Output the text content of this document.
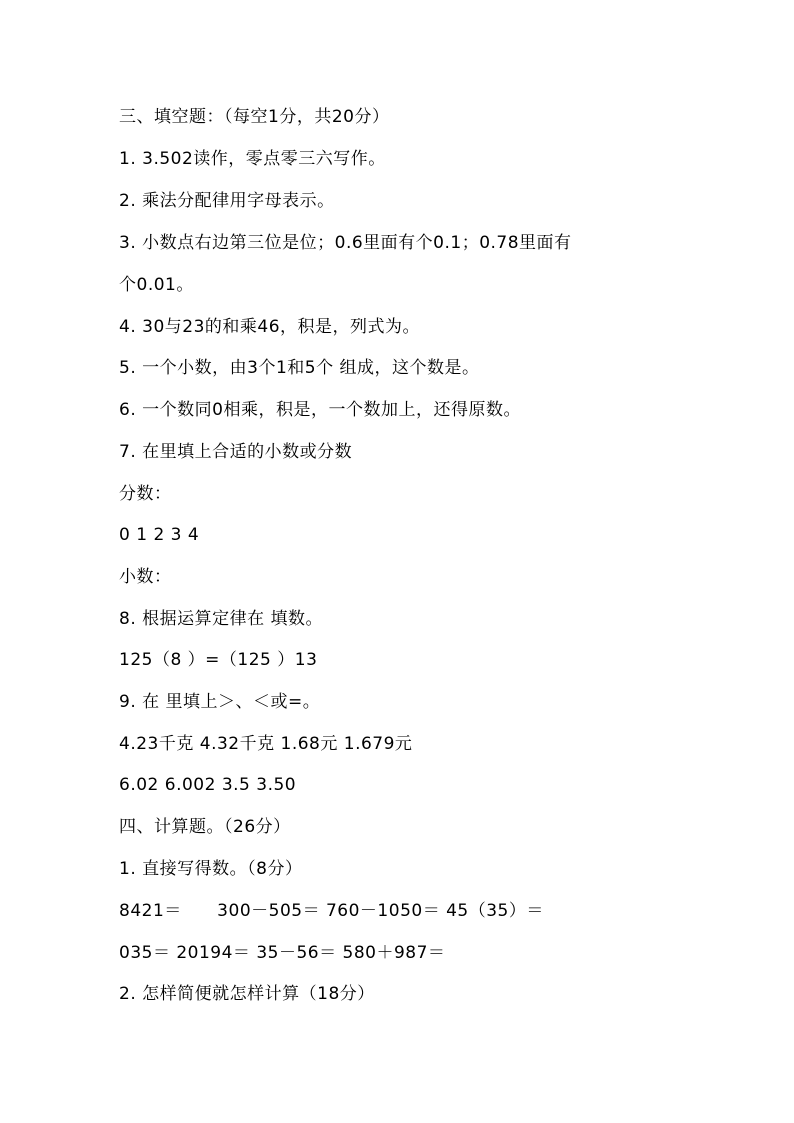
三、填空题：（每空1分，共20分）
1. 3.502读作，零点零三六写作。
2. 乘法分配律用字母表示。
3. 小数点右边第三位是位；0.6里面有个0.1；0.78里面有
个0.01。
4. 30与23的和乘46，积是，列式为。
5. 一个小数，由3个1和5个 组成，这个数是。
6. 一个数同0相乘，积是，一个数加上，还得原数。
7. 在里填上合适的小数或分数
分数：
0 1 2 3 4
小数：
8. 根据运算定律在 填数。
125（8 ）=（125 ）13
9. 在 里填上＞、＜或=。
4.23千克 4.32千克 1.68元 1.679元
6.02 6.002 3.5 3.50
四、计算题。（26分）
1. 直接写得数。（8分）
8421＝      300－505＝ 760－1050＝ 45（35）＝
035＝ 20194＝ 35－56＝ 580＋987＝
2. 怎样简便就怎样计算（18分）
